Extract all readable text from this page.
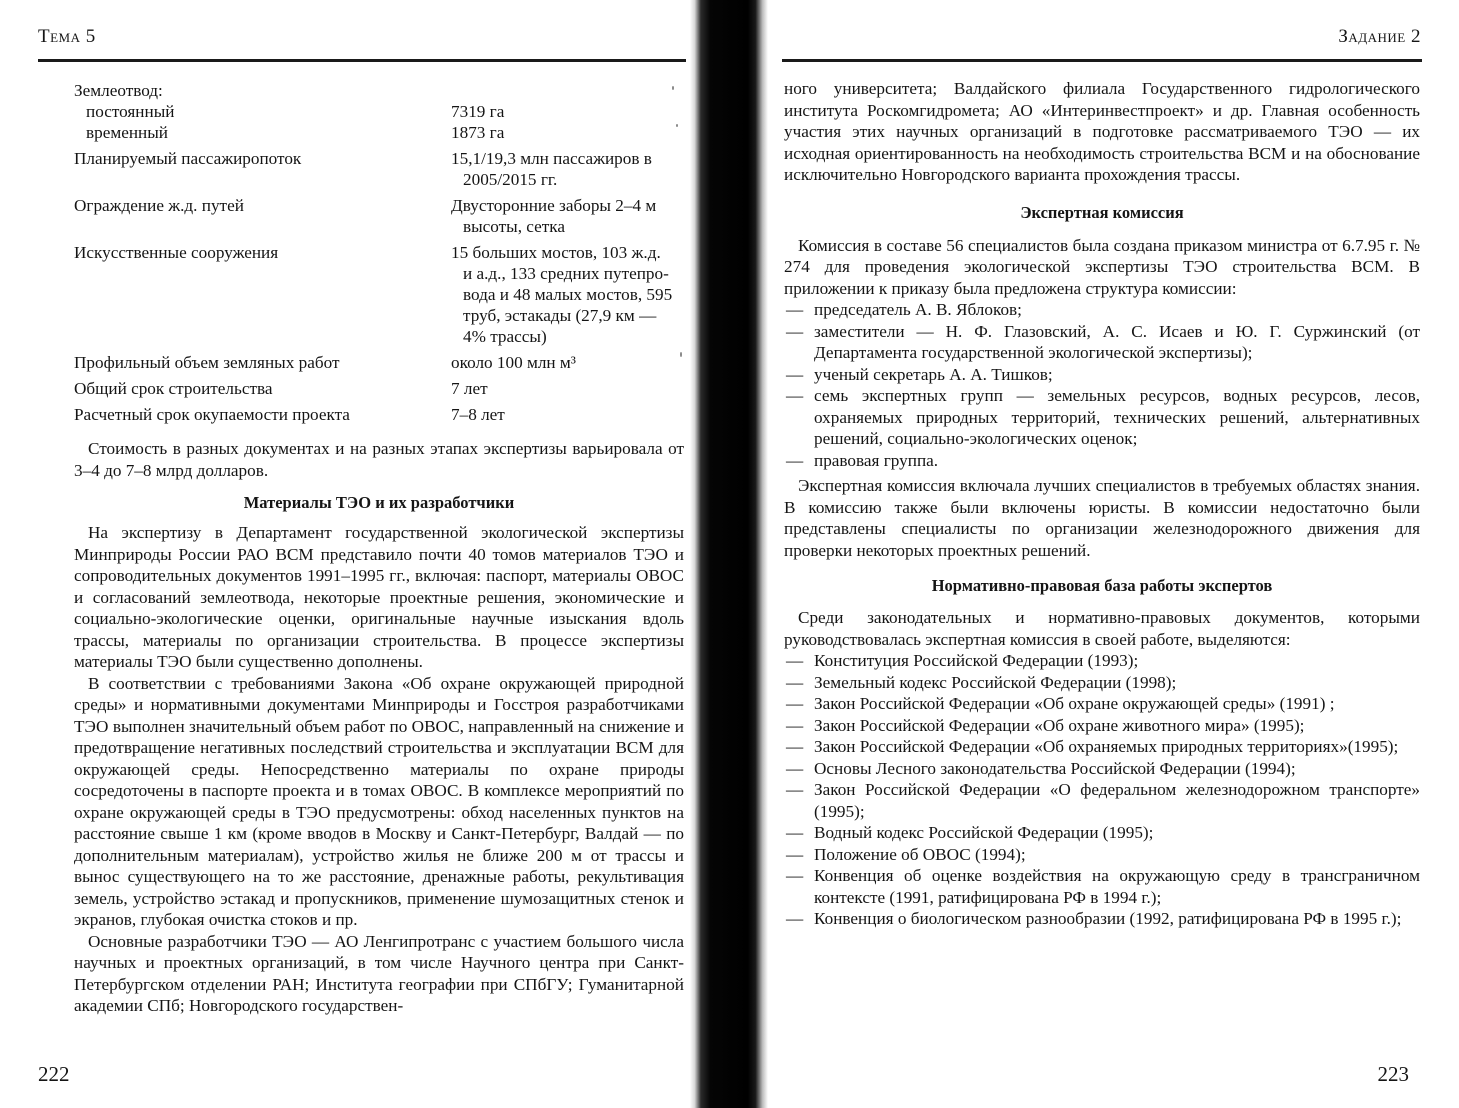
Тема 5
Землеотвод:	

постоянный	7319 га

временный	1873 га

Планируемый пассажиропоток	15,1/19,3 млн пассажиров в
2005/2015 гг.

Ограждение ж.д. путей	Двусторонние заборы 2–4 м
высоты, сетка

Искусственные сооружения	15 больших мостов, 103 ж.д.
и а.д., 133 средних путепро-
вода и 48 малых мостов, 595
труб, эстакады (27,9 км —
4% трассы)

Профильный объем земляных работ	около 100 млн м³

Общий срок строительства	7 лет

Расчетный срок окупаемости проекта	7–8 лет

Стоимость в разных документах и на разных этапах экспертизы варьировала от 3–4 до 7–8 млрд долларов.

Материалы ТЭО и их разработчики

На экспертизу в Департамент государственной экологической экспертизы Минприроды России РАО ВСМ представило почти 40 томов материалов ТЭО и сопроводительных документов 1991–1995 гг., включая: паспорт, материалы ОВОС и согласований землеотвода, некоторые проектные решения, экономические и социально-экологические оценки, оригинальные научные изыскания вдоль трассы, материалы по организации строительства. В процессе экспертизы материалы ТЭО были существенно дополнены.

В соответствии с требованиями Закона «Об охране окружающей природной среды» и нормативными документами Минприроды и Госстроя разработчиками ТЭО выполнен значительный объем работ по ОВОС, направленный на снижение и предотвращение негативных последствий строительства и эксплуатации ВСМ для окружающей среды. Непосредственно материалы по охране природы сосредоточены в паспорте проекта и в томах ОВОС. В комплексе мероприятий по охране окружающей среды в ТЭО предусмотрены: обход населенных пунктов на расстояние свыше 1 км (кроме вводов в Москву и Санкт-Петербург, Валдай — по дополнительным материалам), устройство жилья не ближе 200 м от трассы и вынос существующего на то же расстояние, дренажные работы, рекультивация земель, устройство эстакад и пропускников, применение шумозащитных стенок и экранов, глубокая очистка стоков и пр.

Основные разработчики ТЭО — АО Ленгипротранс с участием большого числа научных и проектных организаций, в том числе Научного центра при Санкт-Петербургском отделении РАН; Института географии при СПбГУ; Гуманитарной академии СПб; Новгородского государствен-

222
Задание 2

ного университета; Валдайского филиала Государственного гидрологического института Роскомгидромета; АО «Интеринвестпроект» и др. Главная особенность участия этих научных организаций в подготовке рассматриваемого ТЭО — их исходная ориентированность на необходимость строительства ВСМ и на обоснование исключительно Новгородского варианта прохождения трассы.

Экспертная комиссия

Комиссия в составе 56 специалистов была создана приказом министра от 6.7.95 г. № 274 для проведения экологической экспертизы ТЭО строительства ВСМ. В приложении к приказу была предложена структура комиссии:

— председатель А. В. Яблоков;
— заместители — Н. Ф. Глазовский, А. С. Исаев и Ю. Г. Суржинский (от Департамента государственной экологической экспертизы);
— ученый секретарь А. А. Тишков;
— семь экспертных групп — земельных ресурсов, водных ресурсов, лесов, охраняемых природных территорий, технических решений, альтернативных решений, социально-экологических оценок;
— правовая группа.

Экспертная комиссия включала лучших специалистов в требуемых областях знания. В комиссию также были включены юристы. В комиссии недостаточно были представлены специалисты по организации железнодорожного движения для проверки некоторых проектных решений.

Нормативно-правовая база работы экспертов

Среди законодательных и нормативно-правовых документов, которыми руководствовалась экспертная комиссия в своей работе, выделяются:

— Конституция Российской Федерации (1993);
— Земельный кодекс Российской Федерации (1998);
— Закон Российской Федерации «Об охране окружающей среды» (1991) ;
— Закон Российской Федерации «Об охране животного мира» (1995);
— Закон Российской Федерации «Об охраняемых природных территориях»(1995);
— Основы Лесного законодательства Российской Федерации (1994);
— Закон Российской Федерации «О федеральном железнодорожном транспорте» (1995);
— Водный кодекс Российской Федерации (1995);
— Положение об ОВОС (1994);
— Конвенция об оценке воздействия на окружающую среду в трансграничном контексте (1991, ратифицирована РФ в 1994 г.);
— Конвенция о биологическом разнообразии (1992, ратифицирована РФ в 1995 г.);
223
